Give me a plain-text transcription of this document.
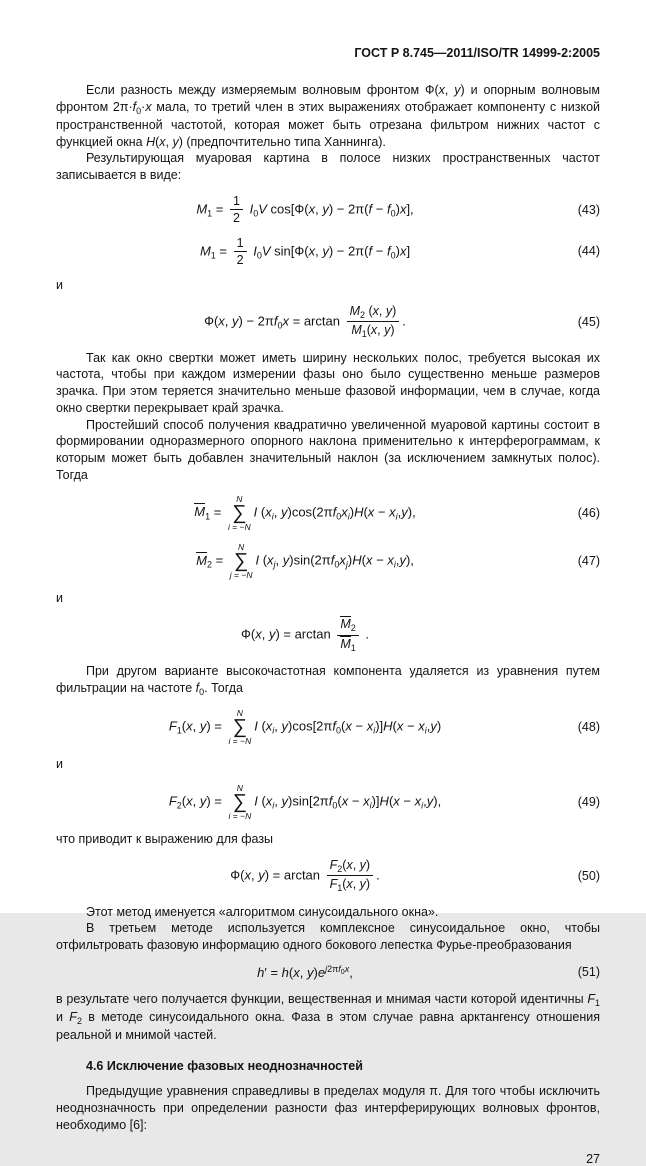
ГОСТ Р 8.745—2011/ISO/TR 14999-2:2005

Если разность между измеряемым волновым фронтом Ф(x, y) и опорным волновым фронтом $2\pi\cdot f_0\cdot x$ мала, то третий член в этих выражениях отображает компоненту с низкой пространственной частотой, которая может быть отрезана фильтром нижних частот с функцией окна H(x, y) (предпочтительно типа Ханнинга).

Результирующая муаровая картина в полосе низких пространственных частот записывается в виде:

$M_1 = \frac{1}{2} I_0V$ cos[Ф(x, $y) - 2\pi(f - f_0)x$],	(43)
$M_1 = \frac{1}{2} I_0V$ sin[Ф(x, $y) - 2\pi(f - f_0)x$]	(44)
и
Ф(x, $y) - 2\pi f_0x = \arctan \frac{M_2 (x, y)}{M_1(x, y)}$ .	(45)

Так как окно свертки может иметь ширину нескольких полос, требуется высокая их частота, чтобы при каждом измерении фазы оно было существенно меньше размеров зрачка. При этом теряется значительно меньше фазовой информации, чем в случае, когда окно свертки перекрывает край зрачка.

Простейший способ получения квадратично увеличенной муаровой картины состоит в формировании одноразмерного опорного наклона применительно к интерферограммам, к которым может быть добавлен значительный наклон (за исключением замкнутых полос). Тогда

$M_1$ =
N
∑
i = −N
I ($x_i$, $y)\cos(2\pi f_0x_i)H(x - x_i,y)$,	(46)
$M_2$ =
N
∑
j = −N
I ($x_j$, $y)\sin(2\pi f_0x_j)H(x - x_i,y)$,	(47)
и
Ф(x, $y) = \arctan \frac{M_2}{M_1}$ .

При другом варианте высокочастотная компонента удаляется из уравнения путем фильтрации на частоте $f_0$. Тогда

$F_1(x$, y) =
N
∑
i = −N
I ($x_i$, $y)\cos[2\pi f_0(x - x_i)]H(x - x_i,y)$	(48)
и
$F_2(x$, y) =
N
∑
i = −N
I ($x_i$, $y)\sin[2\pi f_0(x - x_i)]H(x - x_i,y)$,	(49)

что приводит к выражению для фазы

Ф(x, $y) = \arctan \frac{F_2(x, y)}{F_1(x, y)}$ .	(50)

Этот метод именуется «алгоритмом синусоидального окна».

В третьем методе используется комплексное синусоидальное окно, чтобы отфильтровать фазовую информацию одного бокового лепестка Фурье-преобразования

h′ = h(x, $y)e^{j2\pi f_0x}$,	(51)

в результате чего получается функции, вещественная и мнимая части которой идентичны $F_1$ и $F_2$ в методе синусоидального окна. Фаза в этом случае равна арктангенсу отношения реальной и мнимой частей.

4.6 Исключение фазовых неоднозначностей

Предыдущие уравнения справедливы в пределах модуля π. Для того чтобы исключить неоднозначность при определении разности фаз интерферирующих волновых фронтов, необходимо [6]:

27
